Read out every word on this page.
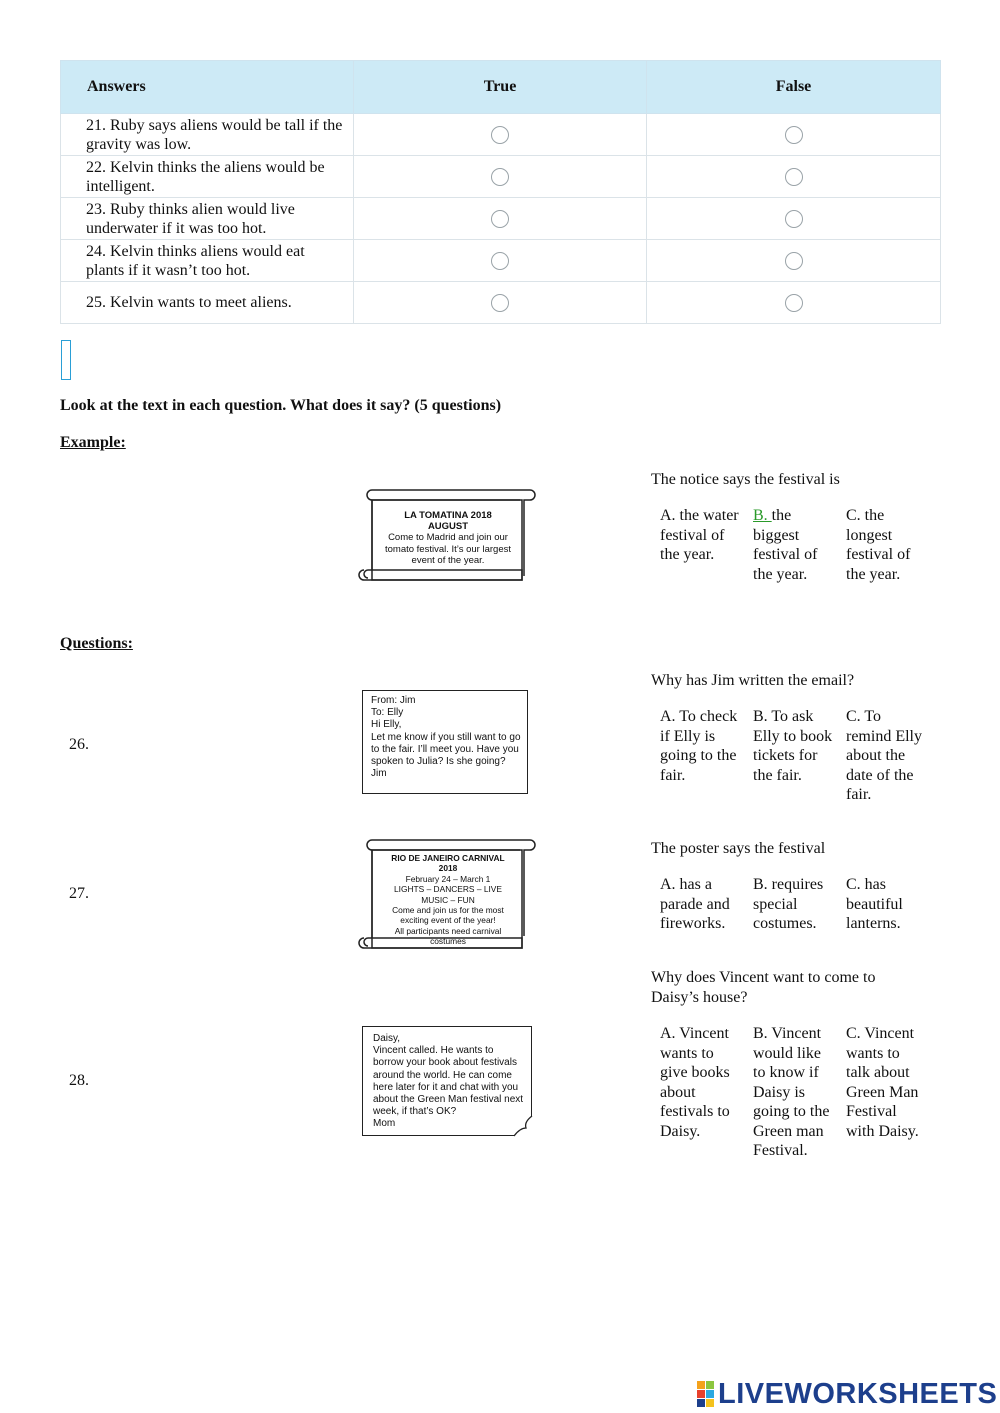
Answers	True	False
21. Ruby says aliens would be tall if the gravity was low.		
22. Kelvin thinks the aliens would be intelligent.		
23. Ruby thinks alien would live underwater if it was too hot.		
24. Kelvin thinks aliens would eat plants if it wasn’t too hot.		
25. Kelvin wants to meet aliens.		
Look at the text in each question. What does it say? (5 questions)
Example:
LA TOMATINA 2018
AUGUST
Come to Madrid and join our tomato festival. It’s our largest event of the year.
The notice says the festival is
A. the water festival of the year.
B. the biggest festival of the year.
C. the longest festival of the year.
Questions:
26.
From: Jim
To: Elly
Hi Elly,
Let me know if you still want to go to the fair. I’ll meet you. Have you spoken to Julia? Is she going?
Jim
Why has Jim written the email?
A. To check if Elly is going to the fair.
B. To ask Elly to book tickets for the fair.
C. To remind Elly about the date of the fair.
27.
RIO DE JANEIRO CARNIVAL
2018
February 24 – March 1
LIGHTS – DANCERS – LIVE
MUSIC – FUN
Come and join us for the most exciting event of the year!
All participants need carnival costumes
The poster says the festival
A. has a parade and fireworks.
B. requires special costumes.
C. has beautiful lanterns.
28.
Daisy,
Vincent called. He wants to borrow your book about festivals around the world. He can come here later for it and chat with you about the Green Man festival next week, if that’s OK?
Mom
Why does Vincent want to come to Daisy’s house?
A. Vincent wants to give books about festivals to Daisy.
B. Vincent would like to know if Daisy is going to the Green man Festival.
C. Vincent wants to talk about Green Man Festival with Daisy.
LIVEWORKSHEETS
